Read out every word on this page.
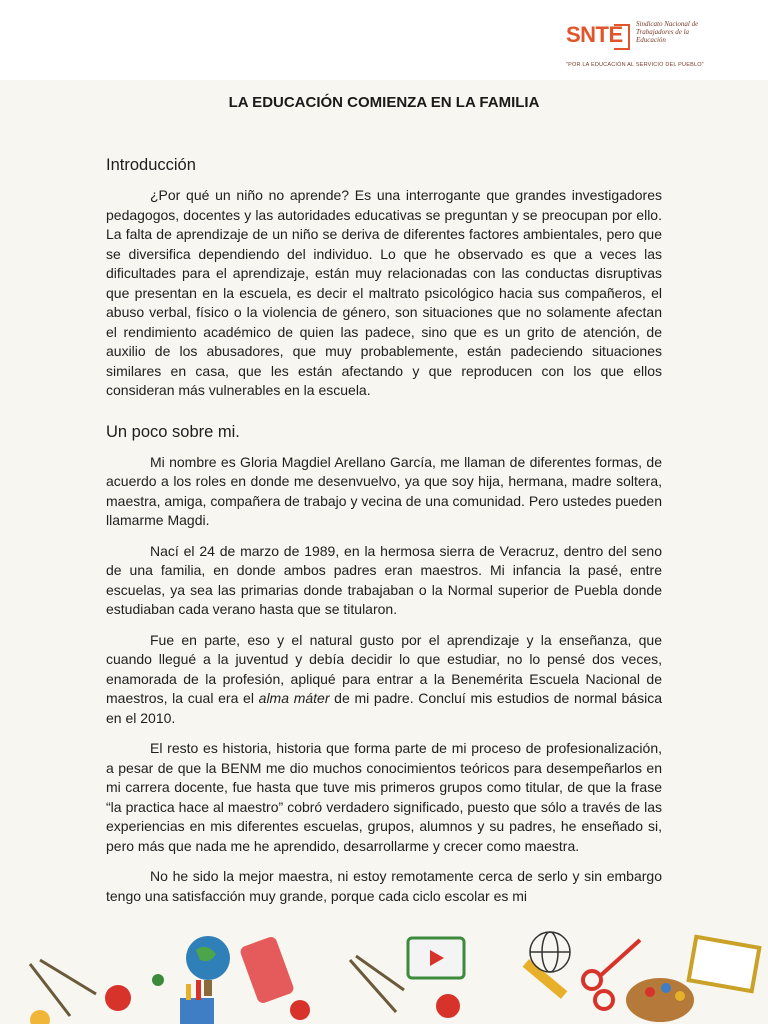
SNTE Sindicato Nacional de Trabajadores de la Educación
"POR LA EDUCACIÓN AL SERVICIO DEL PUEBLO"
LA EDUCACIÓN COMIENZA EN LA FAMILIA
Introducción

¿Por qué un niño no aprende? Es una interrogante que grandes investigadores pedagogos, docentes y las autoridades educativas se preguntan y se preocupan por ello. La falta de aprendizaje de un niño se deriva de diferentes factores ambientales, pero que se diversifica dependiendo del individuo. Lo que he observado es que a veces las dificultades para el aprendizaje, están muy relacionadas con las conductas disruptivas que presentan en la escuela, es decir el maltrato psicológico hacia sus compañeros, el abuso verbal, físico o la violencia de género, son situaciones que no solamente afectan el rendimiento académico de quien las padece, sino que es un grito de atención, de auxilio de los abusadores, que muy probablemente, están padeciendo situaciones similares en casa, que les están afectando y que reproducen con los que ellos consideran más vulnerables en la escuela.

Un poco sobre mi.

Mi nombre es Gloria Magdiel Arellano García, me llaman de diferentes formas, de acuerdo a los roles en donde me desenvuelvo, ya que soy hija, hermana, madre soltera, maestra, amiga, compañera de trabajo y vecina de una comunidad. Pero ustedes pueden llamarme Magdi.

Nací el 24 de marzo de 1989, en la hermosa sierra de Veracruz, dentro del seno de una familia, en donde ambos padres eran maestros. Mi infancia la pasé, entre escuelas, ya sea las primarias donde trabajaban o la Normal superior de Puebla donde estudiaban cada verano hasta que se titularon.

Fue en parte, eso y el natural gusto por el aprendizaje y la enseñanza, que cuando llegué a la juventud y debía decidir lo que estudiar, no lo pensé dos veces, enamorada de la profesión, apliqué para entrar a la Benemérita Escuela Nacional de maestros, la cual era el alma máter de mi padre. Concluí mis estudios de normal básica en el 2010.

El resto es historia, historia que forma parte de mi proceso de profesionalización, a pesar de que la BENM me dio muchos conocimientos teóricos para desempeñarlos en mi carrera docente, fue hasta que tuve mis primeros grupos como titular, de que la frase “la practica hace al maestro” cobró verdadero significado, puesto que sólo a través de las experiencias en mis diferentes escuelas, grupos, alumnos y su padres, he enseñado si, pero más que nada me he aprendido, desarrollarme y crecer como maestra.

No he sido la mejor maestra, ni estoy remotamente cerca de serlo y sin embargo tengo una satisfacción muy grande, porque cada ciclo escolar es mi
